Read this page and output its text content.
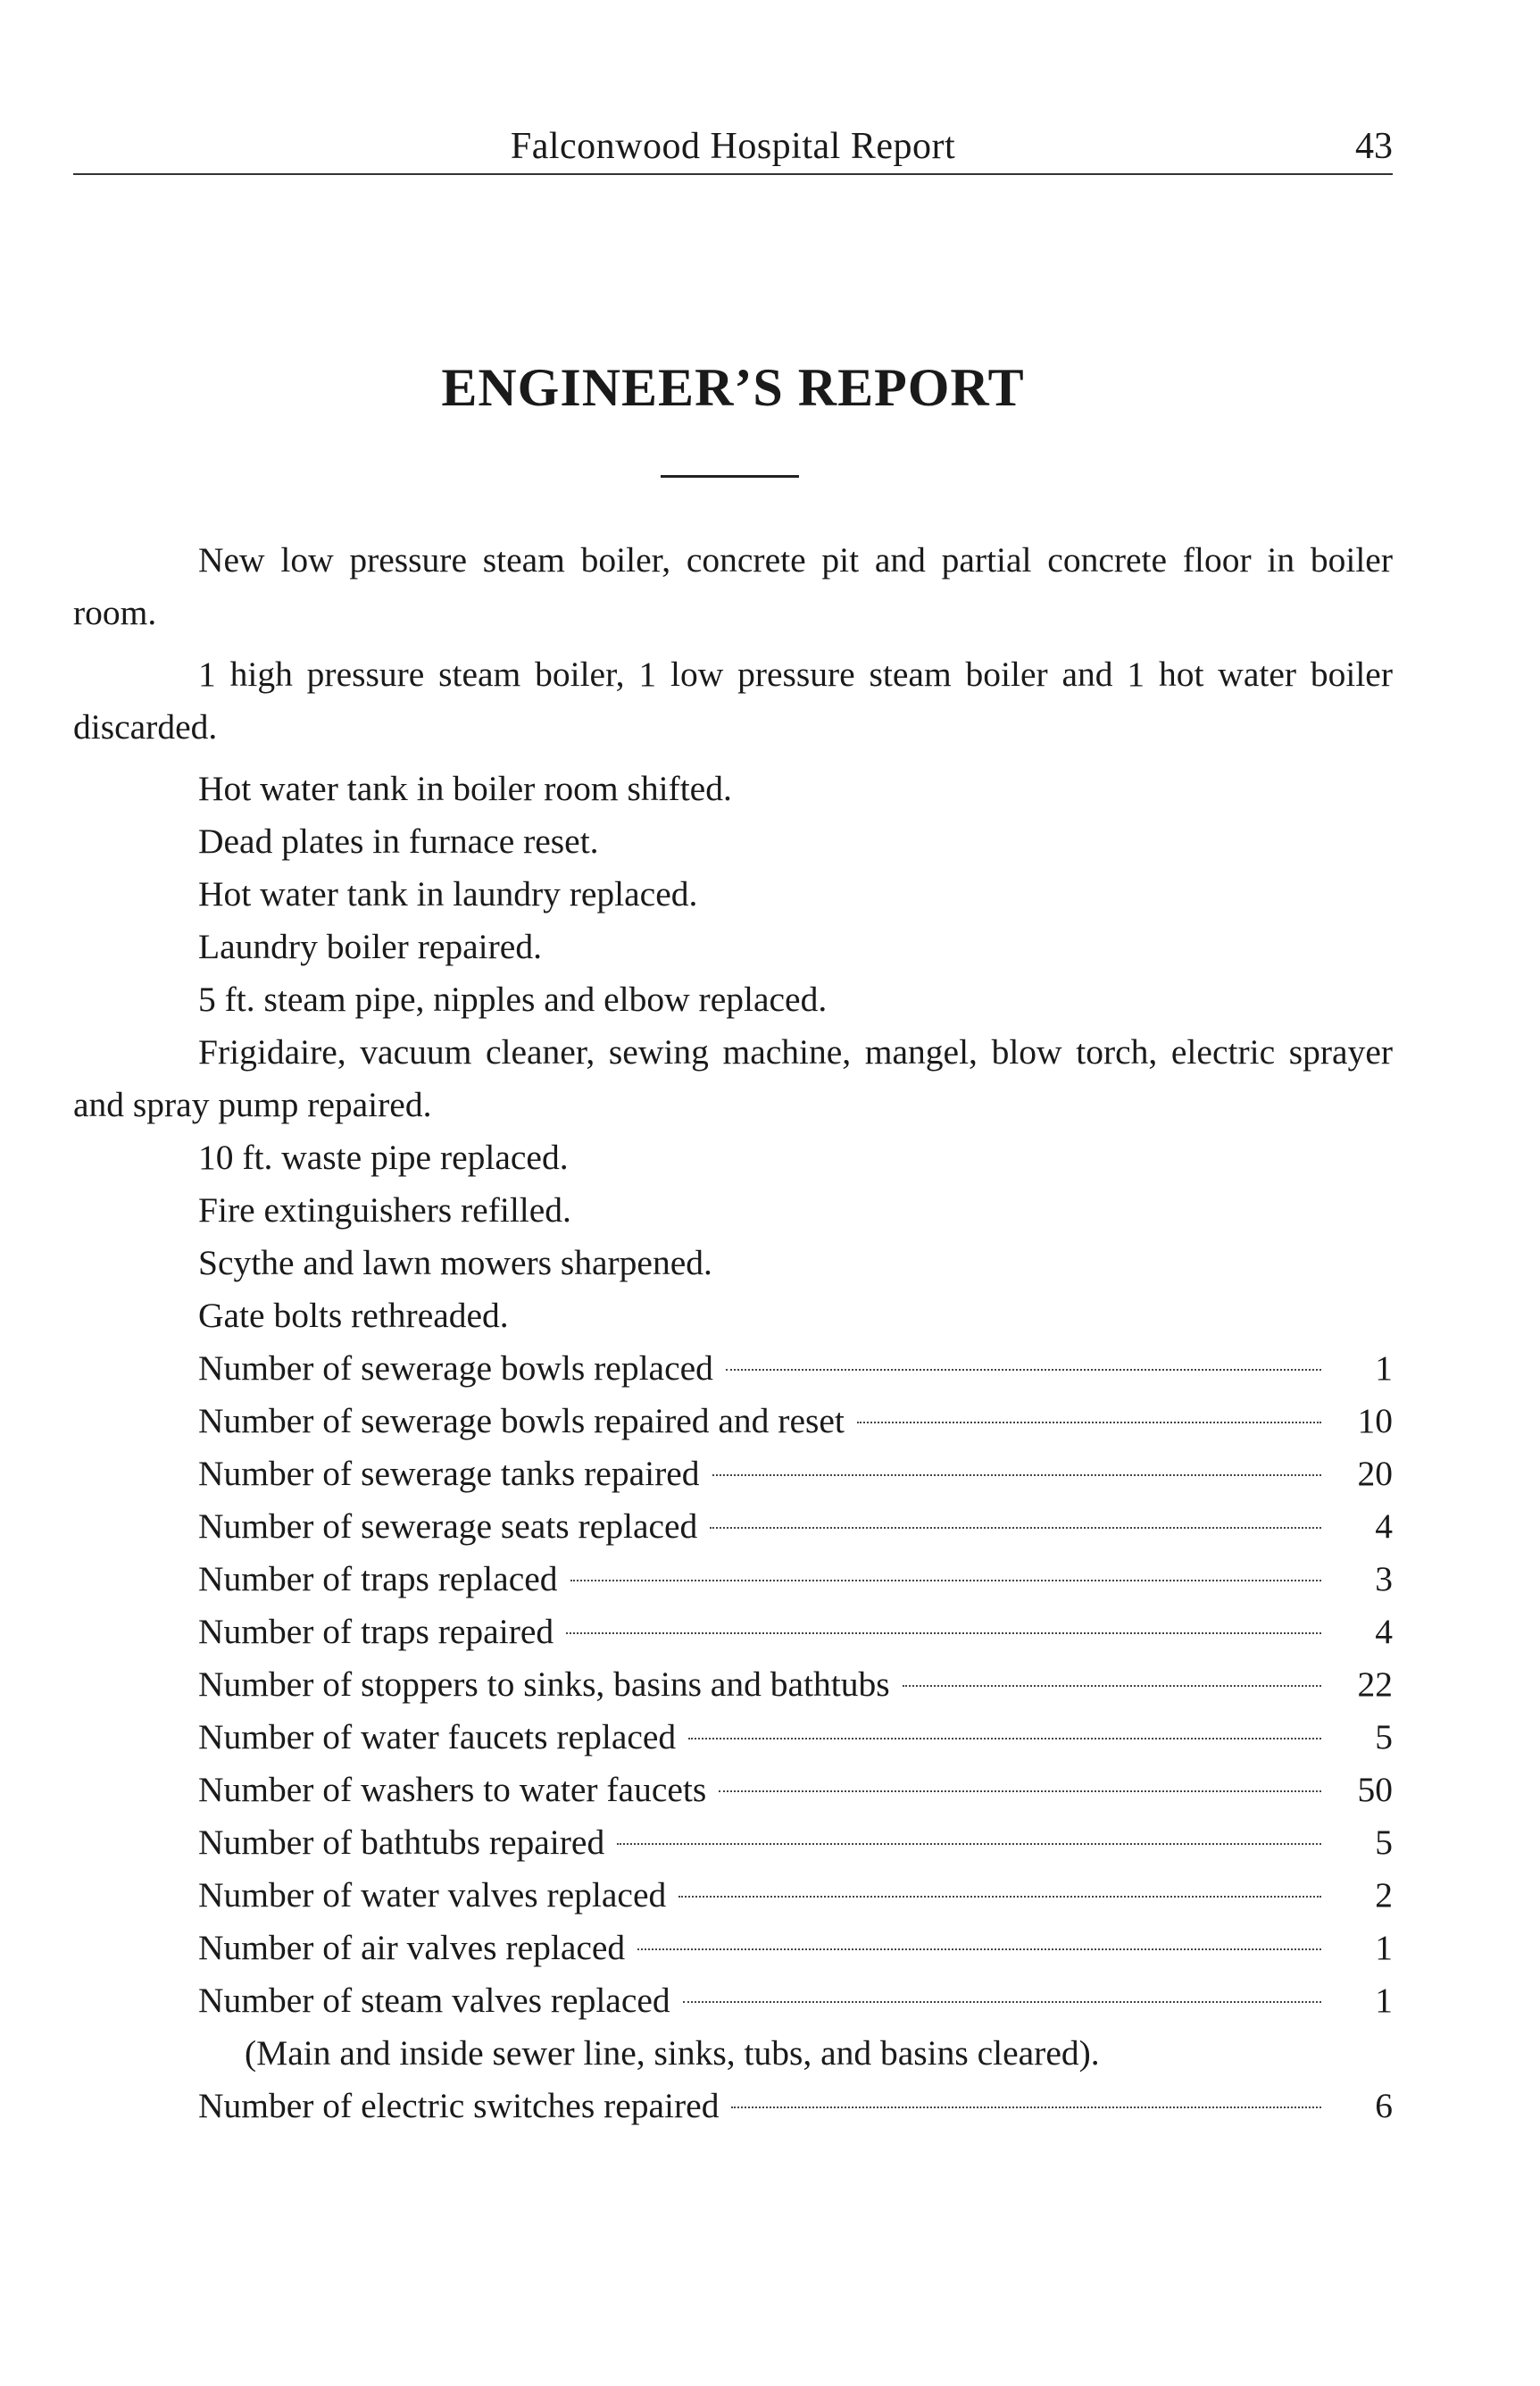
Falconwood Hospital Report	43
ENGINEER’S REPORT

New low pressure steam boiler, concrete pit and partial concrete floor in boiler room.

1 high pressure steam boiler, 1 low pressure steam boiler and 1 hot water boiler discarded.

Hot water tank in boiler room shifted.

Dead plates in furnace reset.

Hot water tank in laundry replaced.

Laundry boiler repaired.

5 ft. steam pipe, nipples and elbow replaced.

Frigidaire, vacuum cleaner, sewing machine, mangel, blow torch, electric sprayer and spray pump repaired.

10 ft. waste pipe replaced.

Fire extinguishers refilled.

Scythe and lawn mowers sharpened.

Gate bolts rethreaded.

Number of sewerage bowls replaced	1
Number of sewerage bowls repaired and reset	10
Number of sewerage tanks repaired	20
Number of sewerage seats replaced	4
Number of traps replaced	3
Number of traps repaired	4
Number of stoppers to sinks, basins and bathtubs	22
Number of water faucets replaced	5
Number of washers to water faucets	50
Number of bathtubs repaired	5
Number of water valves replaced	2
Number of air valves replaced	1
Number of steam valves replaced	1

(Main and inside sewer line, sinks, tubs, and basins cleared).

Number of electric switches repaired	6
